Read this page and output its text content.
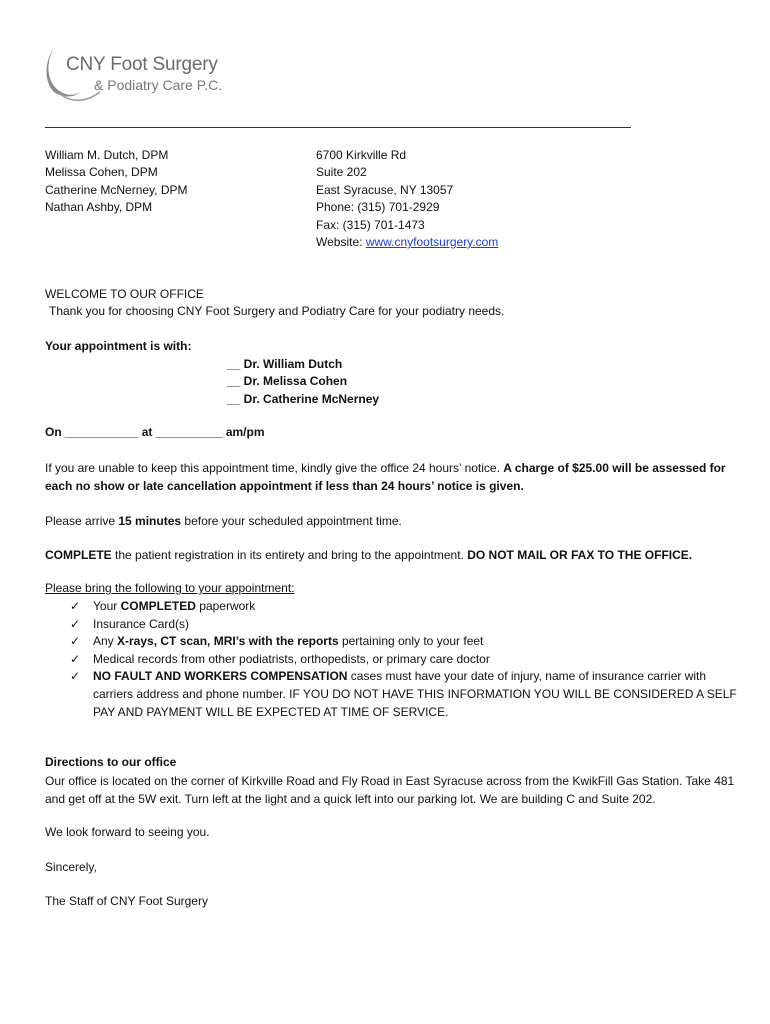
CNY Foot Surgery
& Podiatry Care P.C.

William M. Dutch, DPM

Melissa Cohen, DPM

Catherine McNerney, DPM

Nathan Ashby, DPM

6700 Kirkville Rd

Suite 202

East Syracuse, NY 13057

Phone: (315) 701-2929

Fax: (315) 701-1473

Website: www.cnyfootsurgery.com

WELCOME TO OUR OFFICE
Thank you for choosing CNY Foot Surgery and Podiatry Care for your podiatry needs.
Your appointment is with:

__ Dr. William Dutch

__ Dr. Melissa Cohen

__ Dr. Catherine McNerney

On ___________ at __________ am/pm
If you are unable to keep this appointment time, kindly give the office 24 hours’ notice. A charge of $25.00 will be assessed for each no show or late cancellation appointment if less than 24 hours’ notice is given.
Please arrive 15 minutes before your scheduled appointment time.
COMPLETE the patient registration in its entirety and bring to the appointment. DO NOT MAIL OR FAX TO THE OFFICE.
Please bring the following to your appointment:
✓ Your COMPLETED paperwork
✓ Insurance Card(s)
✓ Any X-rays, CT scan, MRI’s with the reports pertaining only to your feet
✓ Medical records from other podiatrists, orthopedists, or primary care doctor
✓ NO FAULT AND WORKERS COMPENSATION cases must have your date of injury, name of insurance carrier with carriers address and phone number. IF YOU DO NOT HAVE THIS INFORMATION YOU WILL BE CONSIDERED A SELF PAY AND PAYMENT WILL BE EXPECTED AT TIME OF SERVICE.
Directions to our office
Our office is located on the corner of Kirkville Road and Fly Road in East Syracuse across from the KwikFill Gas Station. Take 481 and get off at the 5W exit. Turn left at the light and a quick left into our parking lot. We are building C and Suite 202.
We look forward to seeing you.
Sincerely,
The Staff of CNY Foot Surgery
